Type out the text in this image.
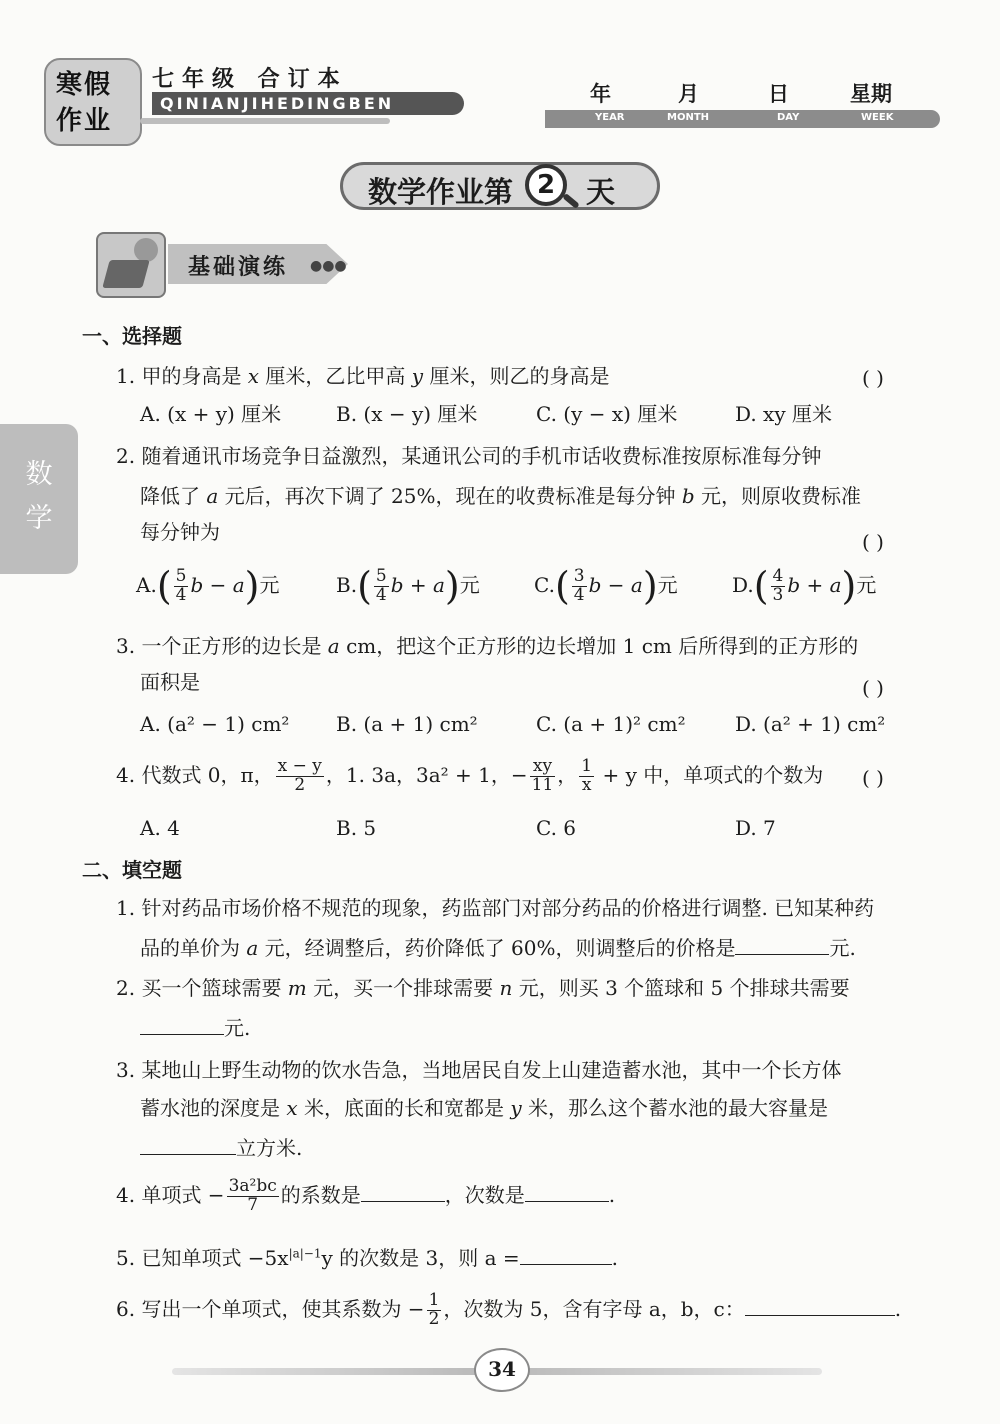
寒假
作业
七年级 合订本
QINIANJIHEDINGBEN	年	月	日	星期
YEAR	MONTH	DAY	WEEK
数学作业第 2	天
基础演练 ●●●
数
学
一、选择题
1. 甲的身高是 x 厘米，乙比甲高 y 厘米，则乙的身高是	( )
A. (x + y) 厘米	B. (x − y) 厘米	C. (y − x) 厘米	D. xy 厘米
2. 随着通讯市场竞争日益激烈，某通讯公司的手机市话收费标准按原标准每分钟
降低了 a 元后，再次下调了 25%，现在的收费标准是每分钟 b 元，则原收费标准
每分钟为	( )
$A.( \frac{5}{4}$ b − a)元	$B.( \frac{5}{4}$ b + a)元	$C.( \frac{3}{4}$ b − a)元	$D.( \frac{4}{3}$ b + a)元
3. 一个正方形的边长是 a cm，把这个正方形的边长增加 1 cm 后所得到的正方形的
面积是	( )
A. (a² − 1) cm² B. (a + 1) cm²	C. (a + 1)² cm² D. (a² + 1) cm²
4. 代数式 0，π， $\frac{x - y}{2}$ ，1. 3a，3a² + 1，− $\frac{xy}{11}$ ， $\frac{1}{x} + y$ 中，单项式的个数为 ( )
A. 4	B. 5	C. 6	D. 7
二、填空题
1. 针对药品市场价格不规范的现象，药监部门对部分药品的价格进行调整. 已知某种药
品的单价为 a 元，经调整后，药价降低了 60%，则调整后的价格是	元.
2. 买一个篮球需要 m 元，买一个排球需要 n 元，则买 3 个篮球和 5 个排球共需要
元.
3. 某地山上野生动物的饮水告急，当地居民自发上山建造蓄水池，其中一个长方体
蓄水池的深度是 x 米，底面的长和宽都是 y 米，那么这个蓄水池的最大容量是
立方米.
4. 单项式 − $\frac{\text{3a²bc}}{7}$ 的系数是	，次数是	.
5. 已知单项式 $-5x^{|a|-1}y$ 的次数是 3，则 a =	.
6. 写出一个单项式，使其系数为 − $\frac{1}{2}$ ，次数为 5，含有字母 a，b，c：	.
34
